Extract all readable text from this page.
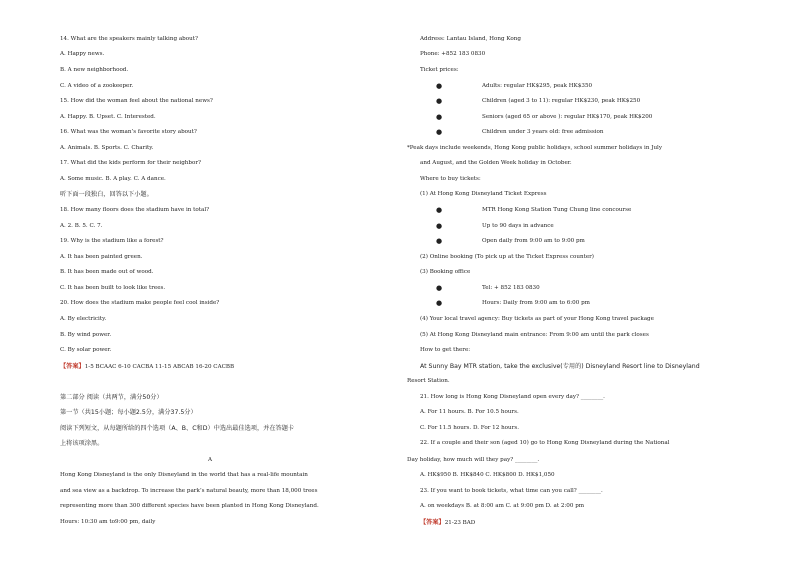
14. What are the speakers mainly talking about?
A. Happy news.
B. A new neighborhood.
C. A video of a zookeeper.
15. How did the woman feel about the national news?
A. Happy. B. Upset. C. Interested.
16. What was the woman’s favorite story about?
A. Animals. B. Sports. C. Charity.
17. What did the kids perform for their neighbor?
A. Some music. B. A play. C. A dance.
听下面一段独白，回答以下小题。
18. How many floors does the stadium have in total?
A. 2. B. 5. C. 7.
19. Why is the stadium like a forest?
A. It has been painted green.
B. It has been made out of wood.
C. It has been built to look like trees.
20. How does the stadium make people feel cool inside?
A. By electricity.
B. By wind power.
C. By solar power.
【答案】1-5 BCAAC 6-10 CACBA 11-15 ABCAB 16-20 CACBB
第二部分 阅读（共两节，满分50分）
第一节（共15小题；每小题2.5分，满分37.5分）
阅读下列短文，从每题所给的四个选项（A、B、C和D）中选出最佳选项，并在答题卡
上将该项涂黑。
A
Hong Kong Disneyland is the only Disneyland in the world that has a real-life mountain
and sea view as a backdrop. To increase the park’s natural beauty, more than 18,000 trees
representing more than 300 different species have been planted in Hong Kong Disneyland.
Hours: 10:30 am to9:00 pm, daily
Address: Lantau Island, Hong Kong
Phone: +852 183 0830
Ticket prices:
●	Adults: regular HK$295, peak HK$350
●	Children (aged 3 to 11): regular HK$230, peak HK$250
●	Seniors (aged 65 or above ): regular HK$170, peak HK$200
●	Children under 3 years old: free admission
*Peak days include weekends, Hong Kong public holidays, school summer holidays in July
and August, and the Golden Week holiday in October.
Where to buy tickets:
(1) At Hong Kong Disneyland Ticket Express
●	MTR Hong Kong Station Tung Chung line concourse
●	Up to 90 days in advance
●	Open daily from 9:00 am to 9:00 pm
(2) Online booking (To pick up at the Ticket Express counter)
(3) Booking office
●	Tel: + 852 183 0830
●	Hours: Daily from 9:00 am to 6:00 pm
(4) Your local travel agency: Buy tickets as part of your Hong Kong travel package
(5) At Hong Kong Disneyland main entrance: From 9:00 am until the park closes
How to get there:
At Sunny Bay MTR station, take the exclusive(专用的) Disneyland Resort line to Disneyland
Resort Station.
21. How long is Hong Kong Disneyland open every day? ________.
A. For 11 hours. B. For 10.5 hours.
C. For 11.5 hours. D. For 12 hours.
22. If a couple and their son (aged 10) go to Hong Kong Disneyland during the National
Day holiday, how much will they pay? ________.
A. HK$950 B. HK$840 C. HK$800 D. HK$1,050
23. If you want to book tickets, what time can you call? ________.
A. on weekdays B. at 8:00 am C. at 9:00 pm D. at 2:00 pm
【答案】21-23 BAD
